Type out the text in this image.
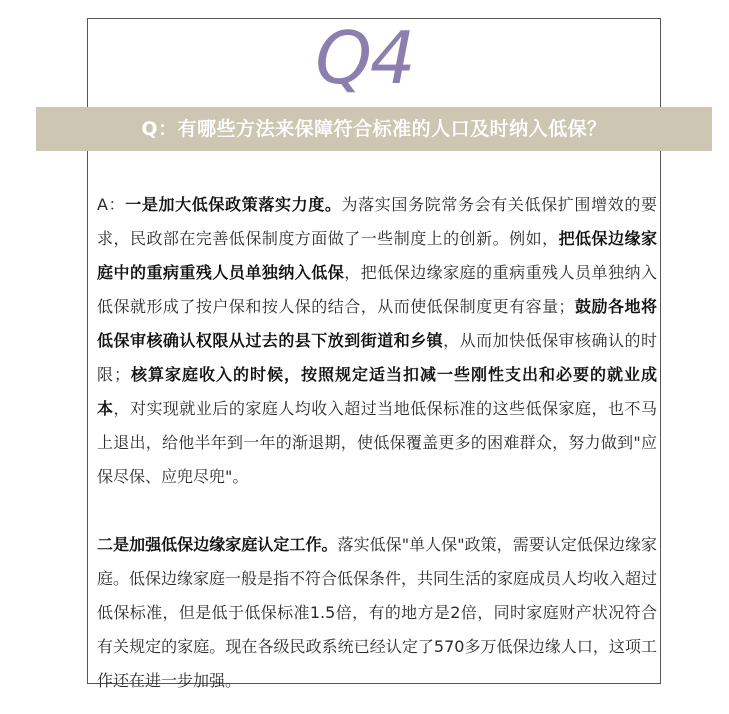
Q4
Q：有哪些方法来保障符合标准的人口及时纳入低保？

A：一是加大低保政策落实力度。为落实国务院常务会有关低保扩围增效的要求，民政部在完善低保制度方面做了一些制度上的创新。例如，把低保边缘家庭中的重病重残人员单独纳入低保，把低保边缘家庭的重病重残人员单独纳入低保就形成了按户保和按人保的结合，从而使低保制度更有容量；鼓励各地将低保审核确认权限从过去的县下放到街道和乡镇，从而加快低保审核确认的时限；核算家庭收入的时候，按照规定适当扣减一些刚性支出和必要的就业成本，对实现就业后的家庭人均收入超过当地低保标准的这些低保家庭，也不马上退出，给他半年到一年的渐退期，使低保覆盖更多的困难群众，努力做到"应保尽保、应兜尽兜"。

二是加强低保边缘家庭认定工作。落实低保"单人保"政策，需要认定低保边缘家庭。低保边缘家庭一般是指不符合低保条件，共同生活的家庭成员人均收入超过低保标准，但是低于低保标准1.5倍，有的地方是2倍，同时家庭财产状况符合有关规定的家庭。现在各级民政系统已经认定了570多万低保边缘人口，这项工作还在进一步加强。
